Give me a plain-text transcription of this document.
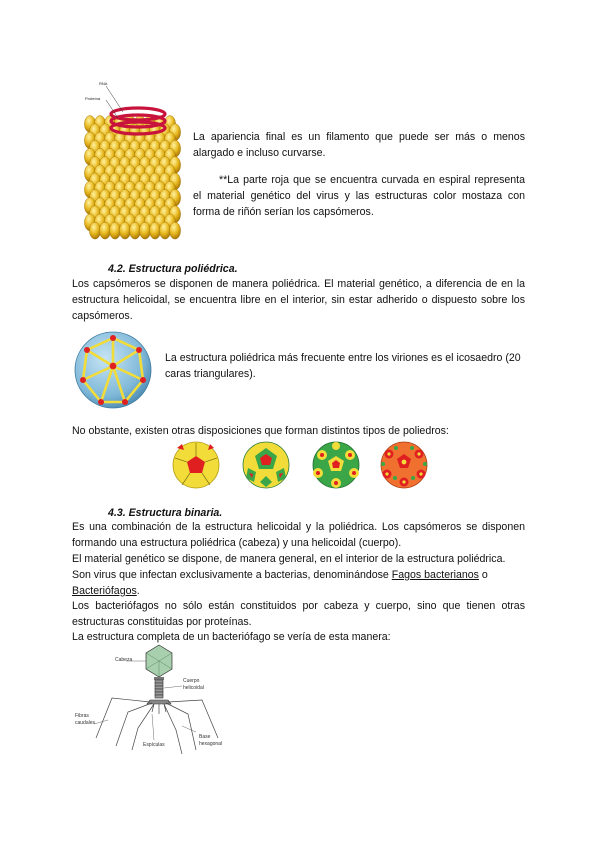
RNA
Proteína

La apariencia final es un filamento que puede ser más o menos alargado e incluso curvarse.

**La parte roja que se encuentra curvada en espiral representa el material genético del virus y las estructuras color mostaza con forma de riñón serían los capsómeros.

4.2. Estructura poliédrica.

Los capsómeros se disponen de manera poliédrica. El material genético, a diferencia de en la estructura helicoidal, se encuentra libre en el interior, sin estar adherido o dispuesto sobre los capsómeros.

La estructura poliédrica más frecuente entre los viriones es el icosaedro (20 caras triangulares).

No obstante, existen otras disposiciones que forman distintos tipos de poliedros:

4.3. Estructura binaria.

Es una combinación de la estructura helicoidal y la poliédrica. Los capsómeros se disponen formando una estructura poliédrica (cabeza) y una helicoidal (cuerpo).

El material genético se dispone, de manera general, en el interior de la estructura poliédrica.

Son virus que infectan exclusivamente a bacterias, denominándose Fagos bacterianos o
Bacteriófagos.

Los bacteriófagos no sólo están constituidos por cabeza y cuerpo, sino que tienen otras estructuras constituidas por proteínas.

La estructura completa de un bacteriófago se vería de esta manera:

Cabeza
Cuerpo
helicoidal
Fibras
caudales
Espículas
Base
hexagonal
